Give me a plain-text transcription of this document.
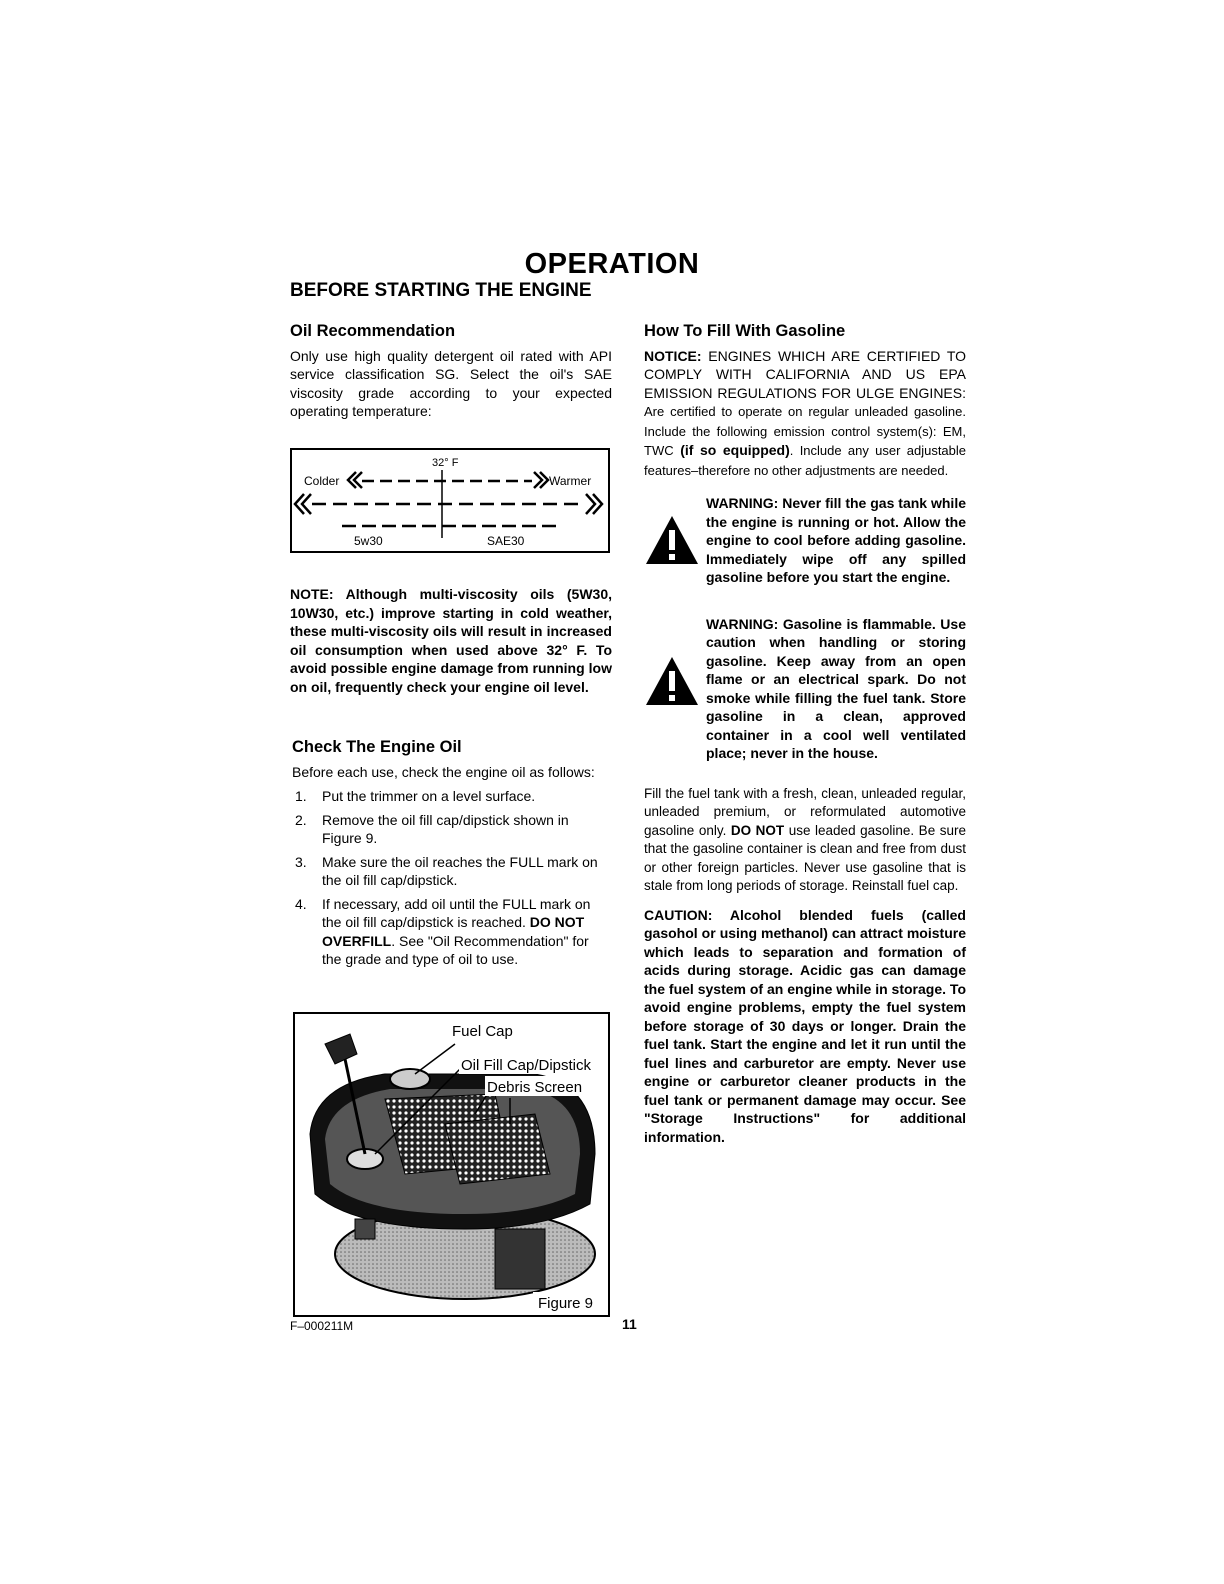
OPERATION
BEFORE STARTING THE ENGINE
Oil Recommendation

Only use high quality detergent oil rated with API service classification SG. Select the oil's SAE viscosity grade according to your expected operating temperature:

32° F
Colder	Warmer
5w30	SAE30
NOTE: Although multi-viscosity oils (5W30, 10W30, etc.) improve starting in cold weather, these multi-viscosity oils will result in increased oil consumption when used above 32° F. To avoid possible engine damage from running low on oil, frequently check your engine oil level.
Check The Engine Oil

Before each use, check the engine oil as follows:

1. Put the trimmer on a level surface.
2. Remove the oil fill cap/dipstick shown in Figure 9.
3. Make sure the oil reaches the FULL mark on the oil fill cap/dipstick.
4. If necessary, add oil until the FULL mark on the oil fill cap/dipstick is reached. DO NOT OVERFILL. See "Oil Recommendation" for the grade and type of oil to use.
Fuel Cap
Oil Fill Cap/Dipstick
Debris Screen
Figure 9
F–000211M	11
How To Fill With Gasoline

NOTICE: ENGINES WHICH ARE CERTIFIED TO COMPLY WITH CALIFORNIA AND US EPA EMISSION REGULATIONS FOR ULGE ENGINES: Are certified to operate on regular unleaded gasoline. Include the following emission control system(s): EM, TWC (if so equipped). Include any user adjustable features–therefore no other adjustments are needed.

WARNING: Never fill the gas tank while the engine is running or hot. Allow the engine to cool before adding gasoline. Immediately wipe off any spilled gasoline before you start the engine.
WARNING: Gasoline is flammable. Use caution when handling or storing gasoline. Keep away from an open flame or an electrical spark. Do not smoke while filling the fuel tank. Store gasoline in a clean, approved container in a cool well ventilated place; never in the house.

Fill the fuel tank with a fresh, clean, unleaded regular, unleaded premium, or reformulated automotive gasoline only. DO NOT use leaded gasoline. Be sure that the gasoline container is clean and free from dust or other foreign particles. Never use gasoline that is stale from long periods of storage. Reinstall fuel cap.

CAUTION: Alcohol blended fuels (called gasohol or using methanol) can attract moisture which leads to separation and formation of acids during storage. Acidic gas can damage the fuel system of an engine while in storage. To avoid engine problems, empty the fuel system before storage of 30 days or longer. Drain the fuel tank. Start the engine and let it run until the fuel lines and carburetor are empty. Never use engine or carburetor cleaner products in the fuel tank or permanent damage may occur. See "Storage Instructions" for additional information.
